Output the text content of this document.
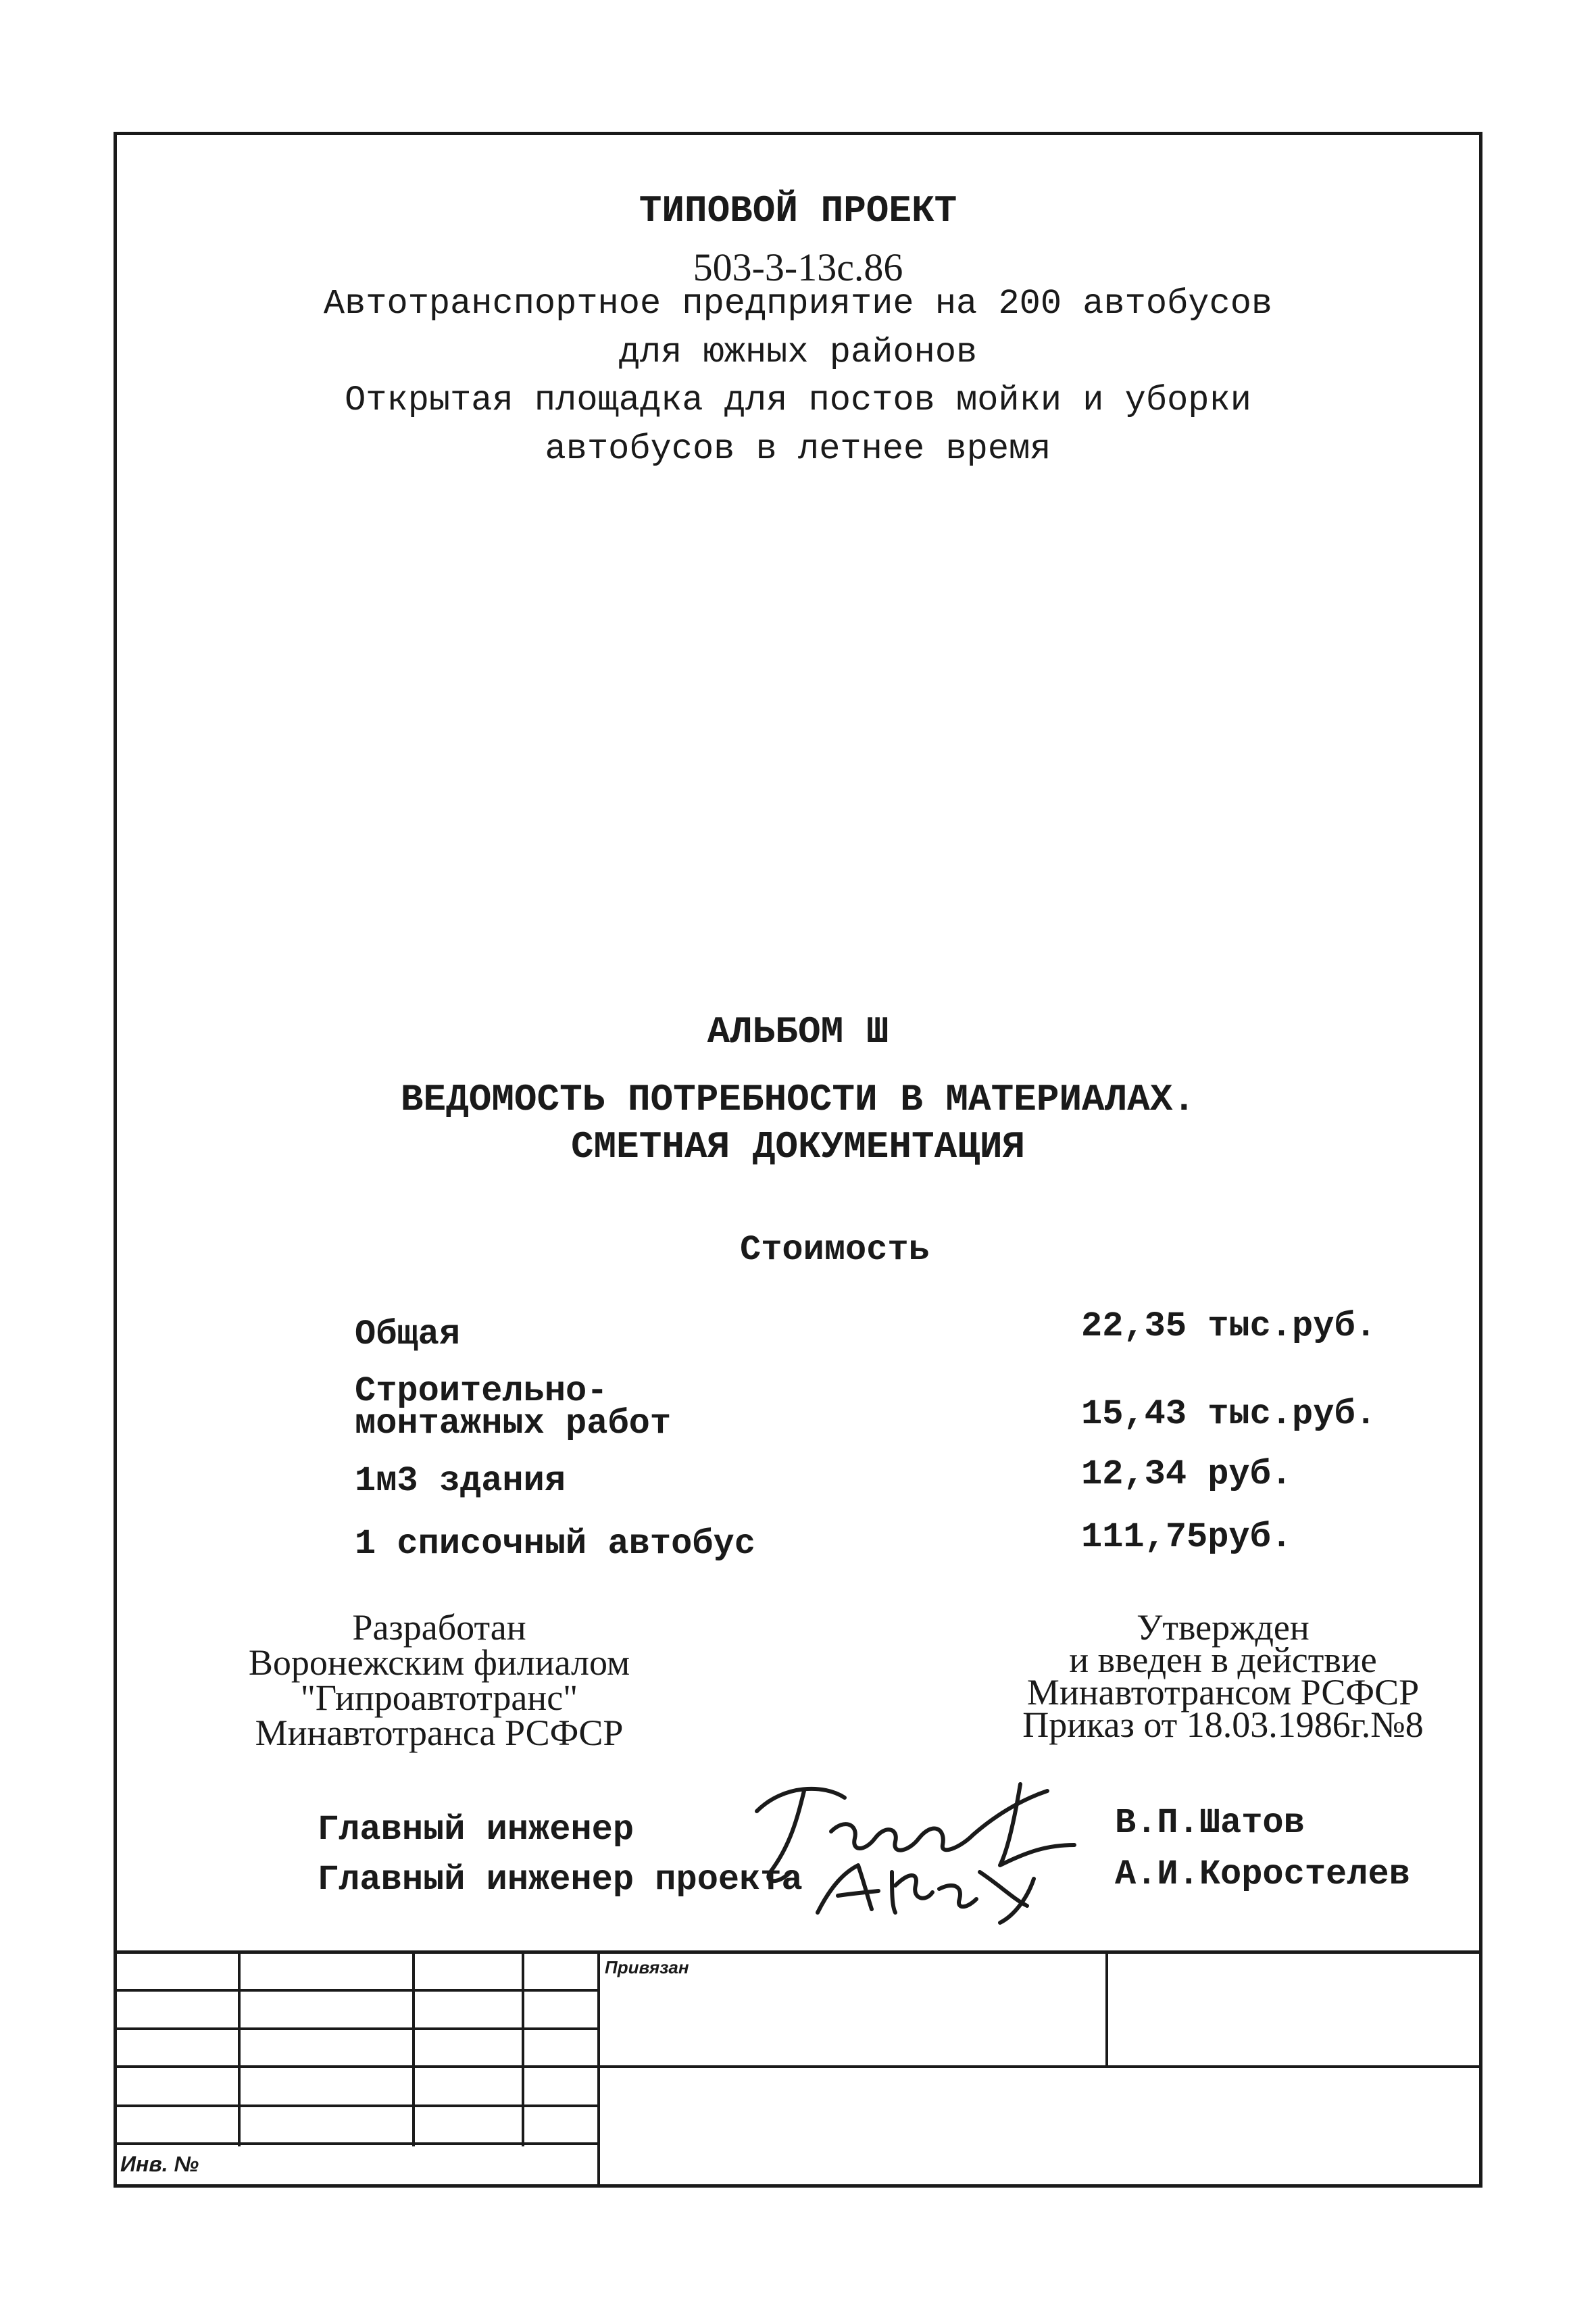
ТИПОВОЙ ПРОЕКТ
503-3-13с.86
Автотранспортное предприятие на 200 автобусов
для южных районов
Открытая площадка для постов мойки и уборки
автобусов в летнее время
АЛЬБОМ Ш
ВЕДОМОСТЬ ПОТРЕБНОСТИ В МАТЕРИАЛАХ.
СМЕТНАЯ ДОКУМЕНТАЦИЯ
Стоимость
Общая	22,35 тыс.руб.
Строительно-монтажных работ	15,43 тыс.руб.
1м3 здания	12,34 руб.
1 списочный автобус	111,75руб.
Разработан
Воронежским филиалом
"Гипроавтотранс"
Минавтотранса РСФСР
Утвержден
и введен в действие
Минавтотрансом РСФСР
Приказ от 18.03.1986г.№8
Главный инженер	В.П.Шатов
Главный инженер проекта	А.И.Коростелев
Привязан
Инв. №
